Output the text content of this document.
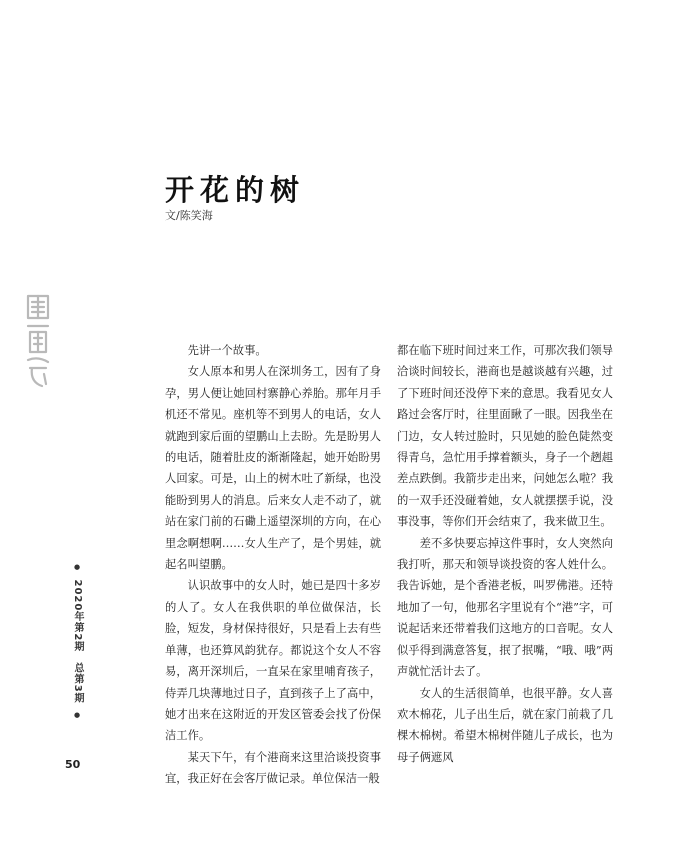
开花的树
文/陈笑海
● 2020年第2期 总第3期 ●
50

先讲一个故事。

女人原本和男人在深圳务工，因有了身孕，男人便让她回村寨静心养胎。那年月手机还不常见。座机等不到男人的电话，女人就跑到家后面的望鹏山上去盼。先是盼男人的电话，随着肚皮的渐渐隆起，她开始盼男人回家。可是，山上的树木吐了新绿，也没能盼到男人的消息。后来女人走不动了，就站在家门前的石磡上遥望深圳的方向，在心里念啊想啊……女人生产了，是个男娃，就起名叫望鹏。

认识故事中的女人时，她已是四十多岁的人了。女人在我供职的单位做保洁，长脸，短发，身材保持很好，只是看上去有些单薄，也还算风韵犹存。都说这个女人不容易，离开深圳后，一直呆在家里哺育孩子，侍弄几块薄地过日子，直到孩子上了高中，她才出来在这附近的开发区管委会找了份保洁工作。

某天下午，有个港商来这里洽谈投资事宜，我正好在会客厅做记录。单位保洁一般

都在临下班时间过来工作，可那次我们领导洽谈时间较长，港商也是越谈越有兴趣，过了下班时间还没停下来的意思。我看见女人路过会客厅时，往里面瞅了一眼。因我坐在门边，女人转过脸时，只见她的脸色陡然变得青乌，急忙用手撑着额头，身子一个趔趄差点跌倒。我箭步走出来，问她怎么啦？我的一双手还没碰着她，女人就摆摆手说，没事没事，等你们开会结束了，我来做卫生。

差不多快要忘掉这件事时，女人突然向我打听，那天和领导谈投资的客人姓什么。我告诉她，是个香港老板，叫罗佛港。还特地加了一句，他那名字里说有个“港”字，可说起话来还带着我们这地方的口音呢。女人似乎得到满意答复，抿了抿嘴，“哦、哦”两声就忙活计去了。

女人的生活很简单，也很平静。女人喜欢木棉花，儿子出生后，就在家门前栽了几棵木棉树。希望木棉树伴随儿子成长，也为母子俩遮风
